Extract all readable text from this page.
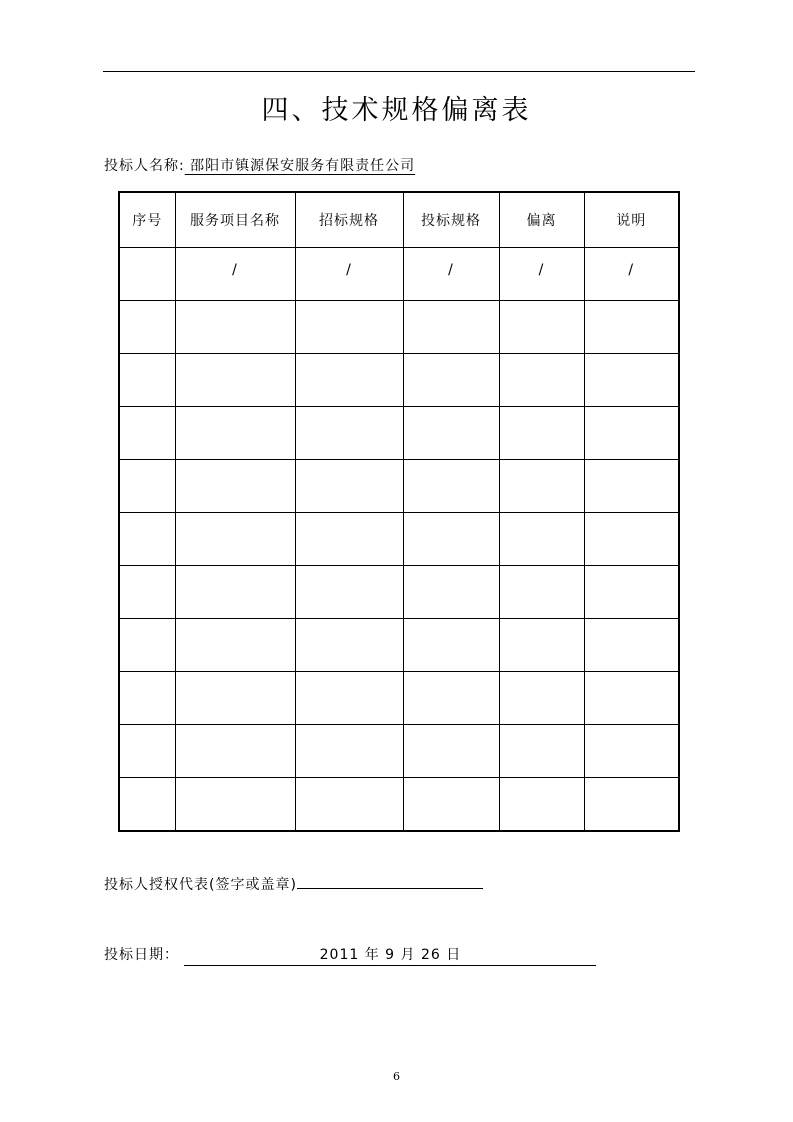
四、技术规格偏离表
投标人名称: 邵阳市镇源保安服务有限责任公司
序号	服务项目名称	招标规格	投标规格	偏离	说明
	/	/	/	/	/

投标人授权代表(签字或盖章)
投标日期：	2011 年 9 月 26 日
6
